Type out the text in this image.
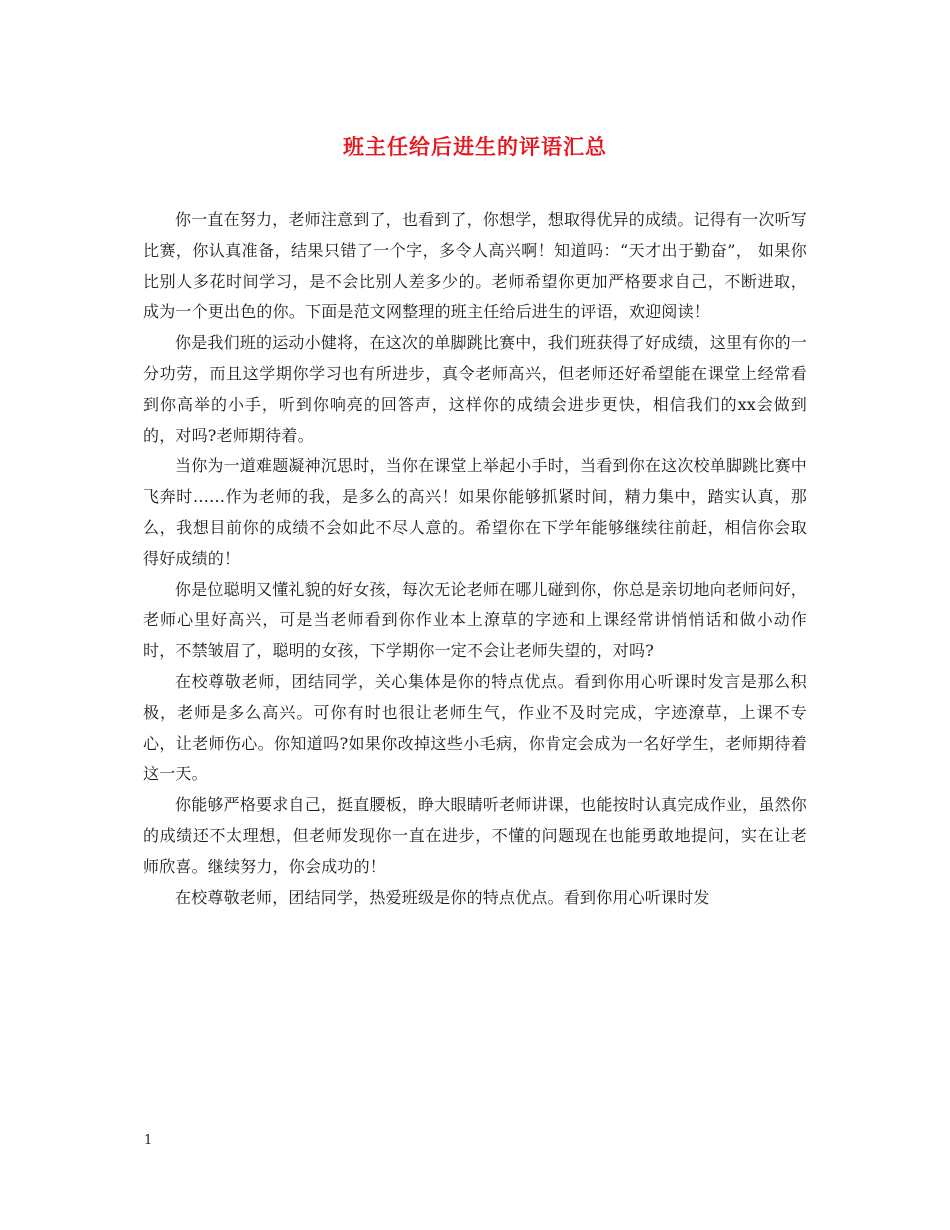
班主任给后进生的评语汇总

你一直在努力，老师注意到了，也看到了，你想学，想取得优异的成绩。记得有一次听写比赛，你认真准备，结果只错了一个字，多令人高兴啊！知道吗：“天才出于勤奋”， 如果你比别人多花时间学习，是不会比别人差多少的。老师希望你更加严格要求自己，不断进取，成为一个更出色的你。下面是范文网整理的班主任给后进生的评语，欢迎阅读！

你是我们班的运动小健将，在这次的单脚跳比赛中，我们班获得了好成绩，这里有你的一分功劳，而且这学期你学习也有所进步，真令老师高兴，但老师还好希望能在课堂上经常看到你高举的小手，听到你响亮的回答声，这样你的成绩会进步更快，相信我们的xx会做到的，对吗?老师期待着。

当你为一道难题凝神沉思时，当你在课堂上举起小手时，当看到你在这次校单脚跳比赛中飞奔时……作为老师的我，是多么的高兴！如果你能够抓紧时间，精力集中，踏实认真，那么，我想目前你的成绩不会如此不尽人意的。希望你在下学年能够继续往前赶，相信你会取得好成绩的！

你是位聪明又懂礼貌的好女孩，每次无论老师在哪儿碰到你，你总是亲切地向老师问好，老师心里好高兴，可是当老师看到你作业本上潦草的字迹和上课经常讲悄悄话和做小动作时，不禁皱眉了，聪明的女孩，下学期你一定不会让老师失望的，对吗?

在校尊敬老师，团结同学，关心集体是你的特点优点。看到你用心听课时发言是那么积极，老师是多么高兴。可你有时也很让老师生气，作业不及时完成，字迹潦草，上课不专心，让老师伤心。你知道吗?如果你改掉这些小毛病，你肯定会成为一名好学生，老师期待着这一天。

你能够严格要求自己，挺直腰板，睁大眼睛听老师讲课，也能按时认真完成作业，虽然你的成绩还不太理想，但老师发现你一直在进步，不懂的问题现在也能勇敢地提问，实在让老师欣喜。继续努力，你会成功的！

在校尊敬老师，团结同学，热爱班级是你的特点优点。看到你用心听课时发

1
